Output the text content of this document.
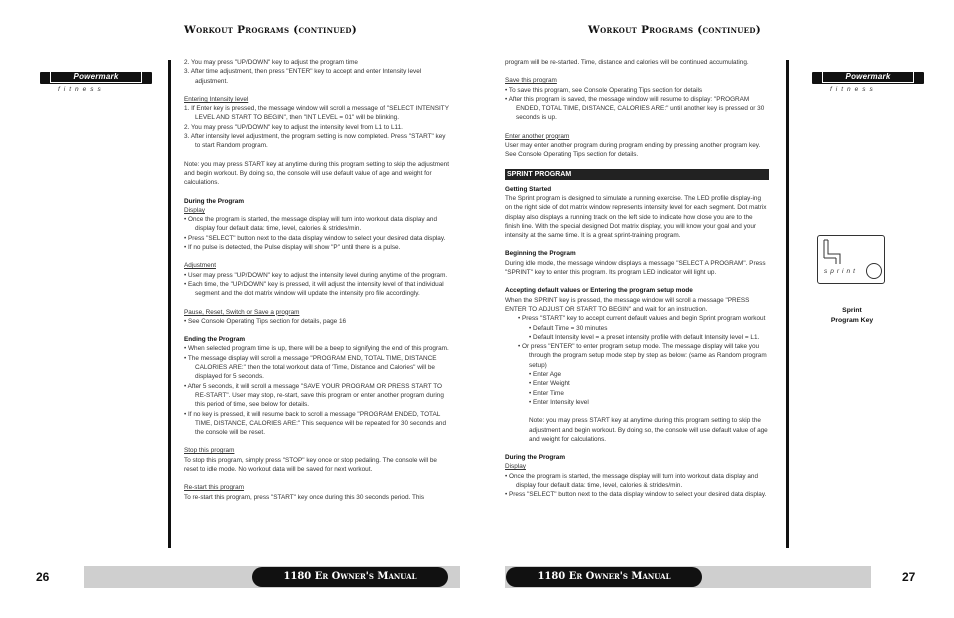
Workout Programs (continued)	Workout Programs (continued)
Powermark
fitness
Powermark
fitness

2. You may press "UP/DOWN" key to adjust the program time

3. After time adjustment, then press "ENTER" key to accept and enter Intensity level adjustment.

Entering Intensity level

1. If Enter key is pressed, the message window will scroll a message of "SELECT INTENSITY LEVEL AND START TO BEGIN", then "INT LEVEL = 01" will be blinking.

2. You may press "UP/DOWN" key to adjust the intensity level from L1 to L11.

3. After intensity level adjustment, the program setting is now completed. Press "START" key to start Random program.

Note: you may press START key at anytime during this program setting to skip the adjustment and begin workout. By doing so, the console will use default value of age and weight for calculations.

During the Program

Display

• Once the program is started, the message display will turn into workout data display and display four default data: time, level, calories & strides/min.

• Press "SELECT" button next to the data display window to select your desired data display.

• If no pulse is detected, the Pulse display will show "P" until there is a pulse.

Adjustment

• User may press "UP/DOWN" key to adjust the intensity level during anytime of the program.

• Each time, the "UP/DOWN" key is pressed, it will adjust the intensity level of that individual segment and the dot matrix window will update the intensity pro file accordingly.

Pause, Reset, Switch or Save a program

• See Console Operating Tips section for details, page 16

Ending the Program

• When selected program time is up, there will be a beep to signifying the end of this program.

• The message display will scroll a message "PROGRAM END, TOTAL TIME, DISTANCE CALORIES ARE:" then the total workout data of 'Time, Distance and Calories" will be displayed for 5 seconds.

• After 5 seconds, it will scroll a message "SAVE YOUR PROGRAM OR PRESS START TO RE-START". User may stop, re-start, save this program or enter another program during this period of time, see below for details.

• If no key is pressed, it will resume back to scroll a message "PROGRAM ENDED, TOTAL TIME, DISTANCE, CALORIES ARE:" This sequence will be repeated for 30 seconds and the console will be reset.

Stop this program

To stop this program, simply press "STOP" key once or stop pedaling. The console will be reset to idle mode. No workout data will be saved for next workout.

Re-start this program

To re-start this program, press "START" key once during this 30 seconds period. This

program will be re-started. Time, distance and calories will be continued accumulating.

Save this program

• To save this program, see Console Operating Tips section for details

• After this program is saved, the message window will resume to display: "PROGRAM ENDED, TOTAL TIME, DISTANCE, CALORIES ARE:" until another key is pressed or 30 seconds is up.

Enter another program

User may enter another program during program ending by pressing another program key. See Console Operating Tips section for details.

SPRINT PROGRAM

Getting Started

The Sprint program is designed to simulate a running exercise. The LED profile display-ing on the right side of dot matrix window represents intensity level for each segment. Dot matrix display also displays a running track on the left side to indicate how close you are to the finish line. With the special designed Dot matrix display, you will know your goal and your intensity at the same time. It is a great sprint-training program.

Beginning the Program

During idle mode, the message window displays a message "SELECT A PROGRAM". Press "SPRINT" key to enter this program. Its program LED indicator will light up.

Accepting default values or Entering the program setup mode

When the SPRINT key is pressed, the message window will scroll a message "PRESS ENTER TO ADJUST OR START TO BEGIN" and wait for an instruction.

• Press "START" key to accept current default values and begin Sprint program workout

• Default Time = 30 minutes

• Default Intensity level = a preset intensity profile with default Intensity level = L1.

• Or press "ENTER" to enter program setup mode. The message display will take you through the program setup mode step by step as below: (same as Random program setup)

• Enter Age

• Enter Weight

• Enter Time

• Enter Intensity level

Note: you may press START key at anytime during this program setting to skip the adjustment and begin workout. By doing so, the console will use default value of age and weight for calculations.

During the Program

Display

• Once the program is started, the message display will turn into workout data display and display four default data: time, level, calories & strides/min.

• Press "SELECT" button next to the data display window to select your desired data display.

sprint
Sprint
Program Key
1180 Er Owner's Manual
26	1180 Er Owner's Manual	27
